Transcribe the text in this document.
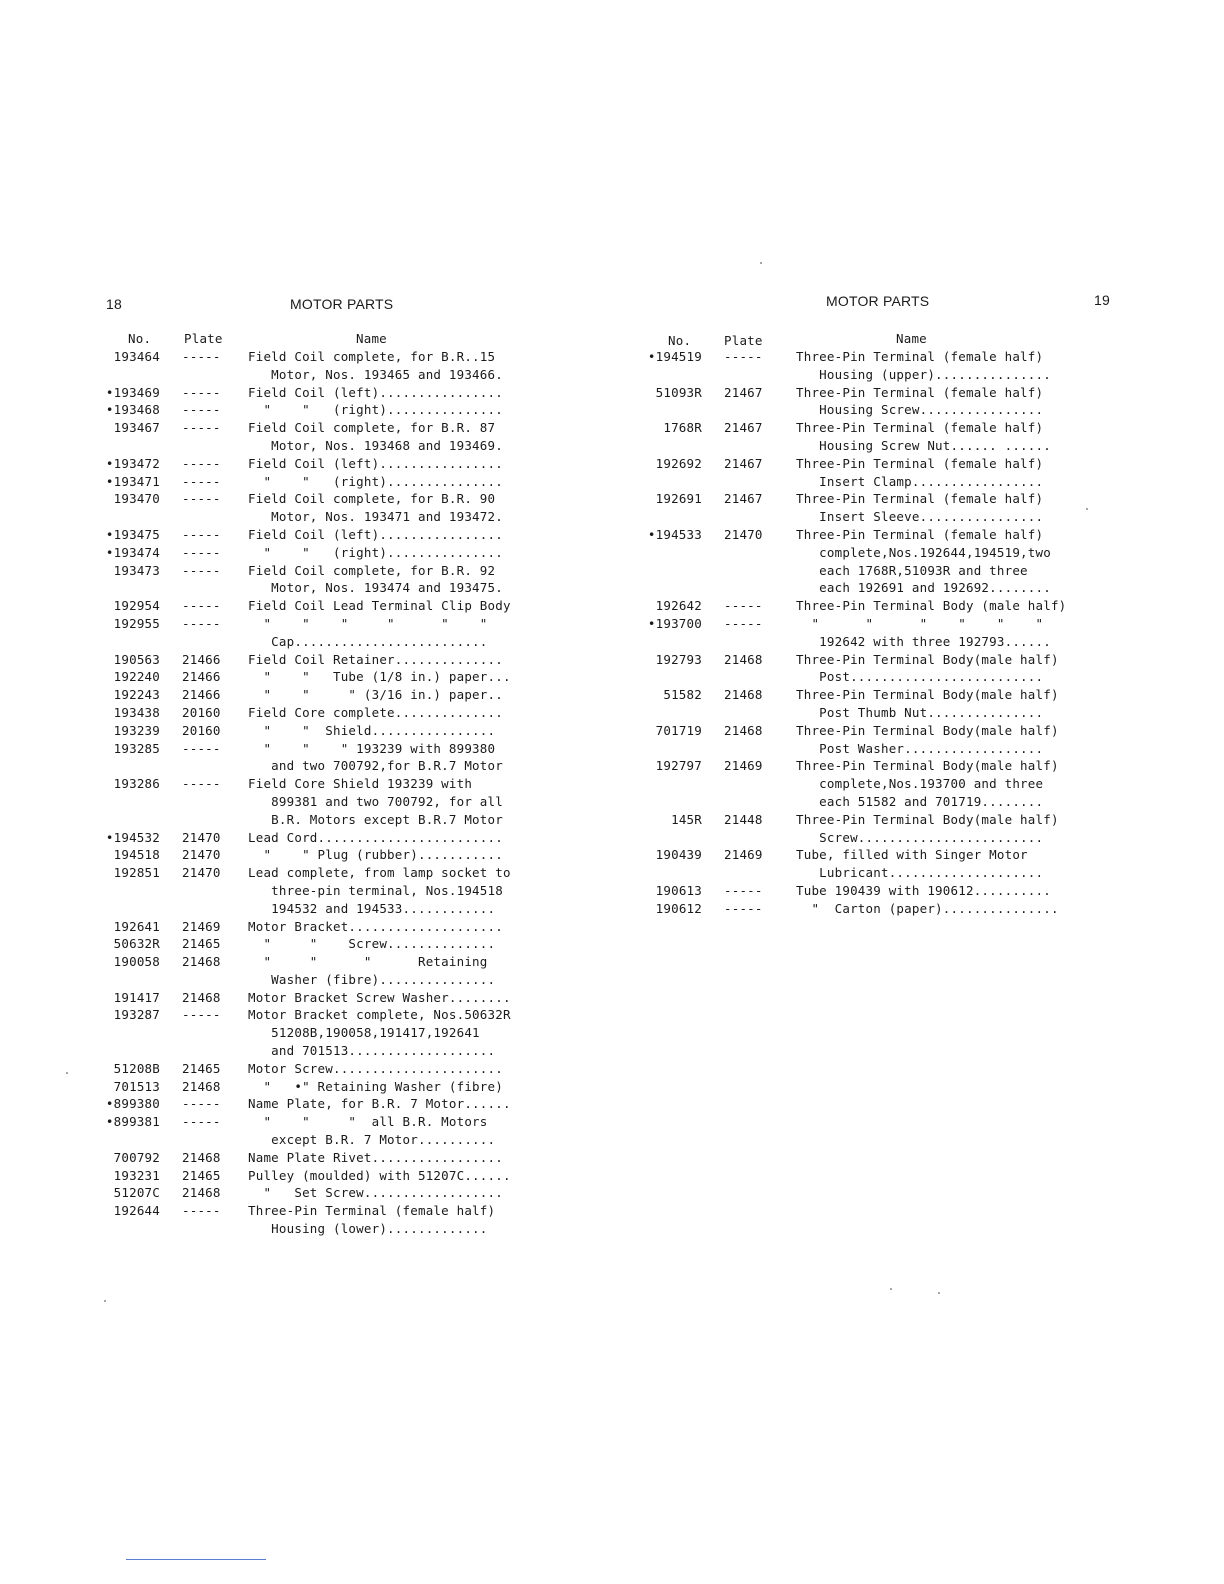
18	MOTOR PARTS
No.	Plate	Name
193464 ----- Field Coil complete, for B.R..15
Motor, Nos. 193465 and 193466.
•193469 ----- Field Coil (left)................
•193468 ----- "    "   (right)...............
193467 ----- Field Coil complete, for B.R. 87
Motor, Nos. 193468 and 193469.
•193472 ----- Field Coil (left)................
•193471 ----- "    "   (right)...............
193470 ----- Field Coil complete, for B.R. 90
Motor, Nos. 193471 and 193472.
•193475 ----- Field Coil (left)................
•193474 ----- "    "   (right)...............
193473 ----- Field Coil complete, for B.R. 92
Motor, Nos. 193474 and 193475.
192954 ----- Field Coil Lead Terminal Clip Body
192955 -----	"    "    "     "      "    "
Cap.........................
190563 21466 Field Coil Retainer..............
192240 21466 "    "   Tube (1/8 in.) paper...
192243 21466 "    "     " (3/16 in.) paper..
193438 20160 Field Core complete..............
193239 20160 "    "  Shield................
193285 -----	"    "    " 193239 with 899380
and two 700792,for B.R.7 Motor
193286 ----- Field Core Shield 193239 with
899381 and two 700792, for all
B.R. Motors except B.R.7 Motor
•194532 21470 Lead Cord........................
194518 21470 "    " Plug (rubber)...........
192851 21470 Lead complete, from lamp socket to
three-pin terminal, Nos.194518
194532 and 194533............
192641 21469 Motor Bracket....................
50632R 21465 "     "    Screw..............
190058 21468	"     "      "      Retaining
Washer (fibre)...............
191417 21468 Motor Bracket Screw Washer........
193287 ----- Motor Bracket complete, Nos.50632R
51208B,190058,191417,192641
and 701513...................
51208B 21465 Motor Screw......................
701513 21468 "   •" Retaining Washer (fibre)
•899380 ----- Name Plate, for B.R. 7 Motor......
•899381 -----	"    "     "  all B.R. Motors
except B.R. 7 Motor..........
700792 21468 Name Plate Rivet.................
193231 21465 Pulley (moulded) with 51207C......
51207C 21468 "   Set Screw..................
192644 ----- Three-Pin Terminal (female half)
Housing (lower).............
MOTOR PARTS	19
No.	Plate	Name
•194519 -----	Three-Pin Terminal (female half)
Housing (upper)...............
51093R 21467	Three-Pin Terminal (female half)
Housing Screw................
1768R 21467	Three-Pin Terminal (female half)
Housing Screw Nut...... ......
192692 21467	Three-Pin Terminal (female half)
Insert Clamp.................
192691 21467	Three-Pin Terminal (female half)
Insert Sleeve................
•194533 21470	Three-Pin Terminal (female half)
complete,Nos.192644,194519,two
each 1768R,51093R and three
each 192691 and 192692........
192642 -----	Three-Pin Terminal Body (male half)
•193700 -----	"      "      "    "    "    "
192642 with three 192793......
192793 21468	Three-Pin Terminal Body(male half)
Post.........................
51582 21468	Three-Pin Terminal Body(male half)
Post Thumb Nut...............
701719 21468	Three-Pin Terminal Body(male half)
Post Washer..................
192797 21469	Three-Pin Terminal Body(male half)
complete,Nos.193700 and three
each 51582 and 701719........
145R 21448	Three-Pin Terminal Body(male half)
Screw........................
190439 21469	Tube, filled with Singer Motor
Lubricant....................
190613 -----	Tube 190439 with 190612..........
190612 -----	"  Carton (paper)...............
